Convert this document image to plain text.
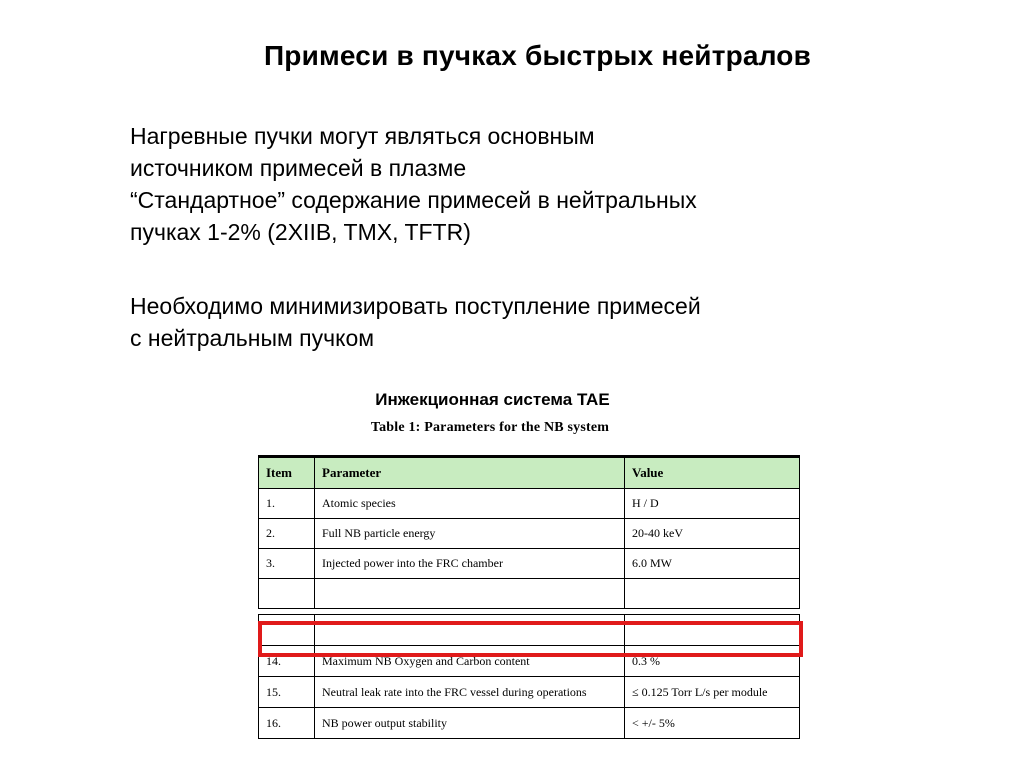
Примеси в пучках быстрых нейтралов
Нагревные пучки могут являться основным
источником примесей в плазме
“Стандартное” содержание примесей в нейтральных
пучках 1-2% (2XIIB, TMX, TFTR)
Необходимо минимизировать поступление примесей
с нейтральным пучком
Инжекционная система TAE
Table 1: Parameters for the NB system
Item	Parameter	Value
1.	Atomic species	H / D
2.	Full NB particle energy	20-40 keV
3.	Injected power into the FRC chamber	6.0 MW

14.	Maximum NB Oxygen and Carbon content	0.3 %
15.	Neutral leak rate into the FRC vessel during operations	≤ 0.125 Torr L/s per module
16.	NB power output stability	< +/- 5%
